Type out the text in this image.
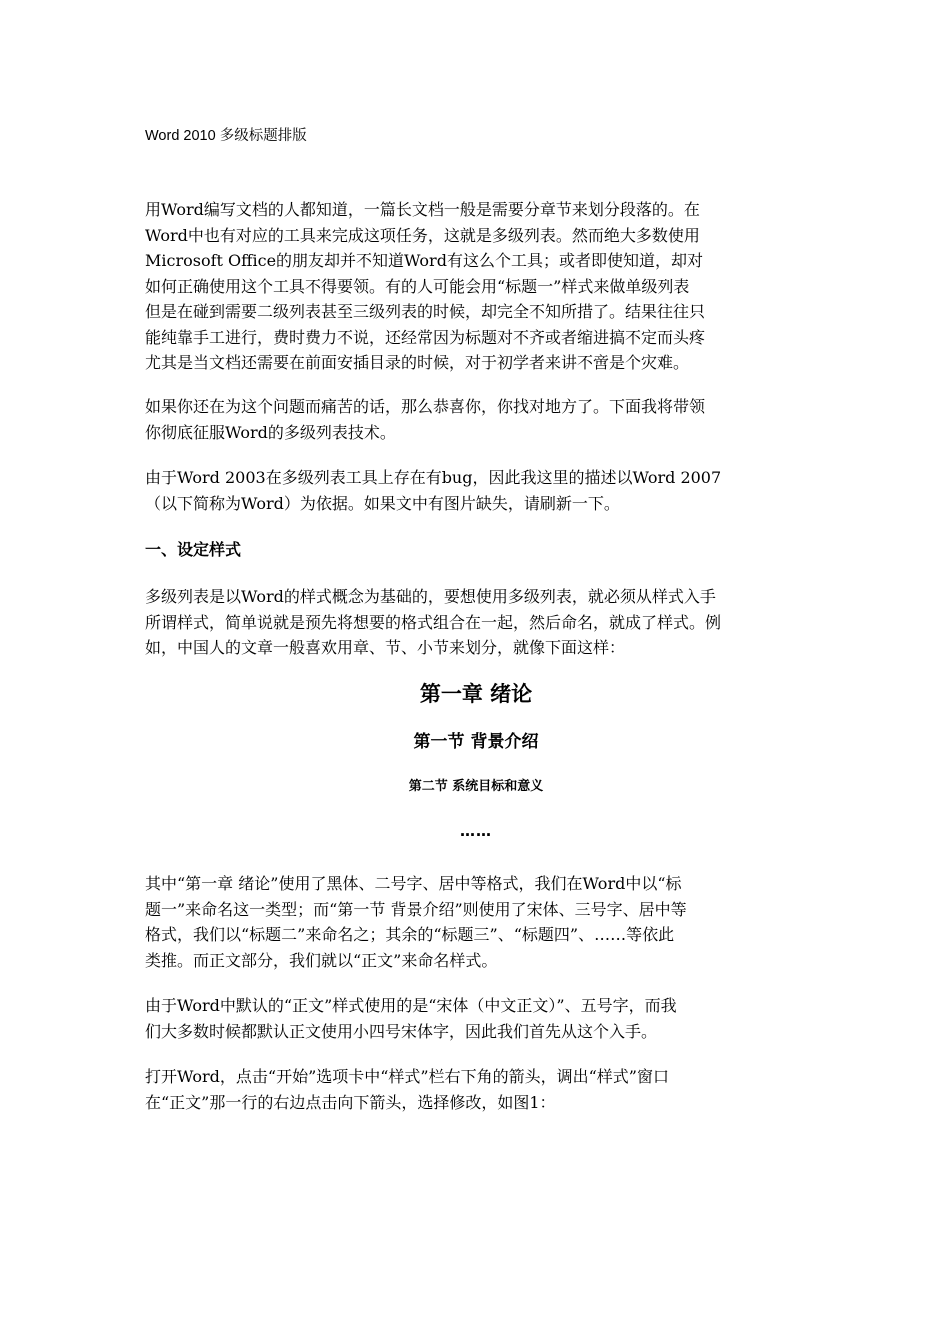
Word 2010 多级标题排版
用Word编写文档的人都知道，一篇长文档一般是需要分章节来划分段落的。在
Word中也有对应的工具来完成这项任务，这就是多级列表。然而绝大多数使用
Microsoft Office的朋友却并不知道Word有这么个工具；或者即使知道，却对
如何正确使用这个工具不得要领。有的人可能会用“标题一”样式来做单级列表
但是在碰到需要二级列表甚至三级列表的时候，却完全不知所措了。结果往往只
能纯靠手工进行，费时费力不说，还经常因为标题对不齐或者缩进搞不定而头疼
尤其是当文档还需要在前面安插目录的时候，对于初学者来讲不啻是个灾难。
如果你还在为这个问题而痛苦的话，那么恭喜你，你找对地方了。下面我将带领
你彻底征服Word的多级列表技术。
由于Word 2003在多级列表工具上存在有bug，因此我这里的描述以Word 2007
（以下简称为Word）为依据。如果文中有图片缺失，请刷新一下。
一、设定样式
多级列表是以Word的样式概念为基础的，要想使用多级列表，就必须从样式入手
所谓样式，简单说就是预先将想要的格式组合在一起，然后命名，就成了样式。例
如，中国人的文章一般喜欢用章、节、小节来划分，就像下面这样：
第一章 绪论
第一节 背景介绍
第二节 系统目标和意义
……
其中“第一章 绪论”使用了黑体、二号字、居中等格式，我们在Word中以“标
题一”来命名这一类型；而“第一节 背景介绍”则使用了宋体、三号字、居中等
格式，我们以“标题二”来命名之；其余的“标题三”、“标题四”、……等依此
类推。而正文部分，我们就以“正文”来命名样式。
由于Word中默认的“正文”样式使用的是“宋体（中文正文）”、五号字，而我
们大多数时候都默认正文使用小四号宋体字，因此我们首先从这个入手。
打开Word，点击“开始”选项卡中“样式”栏右下角的箭头，调出“样式”窗口
在“正文”那一行的右边点击向下箭头，选择修改，如图1：
